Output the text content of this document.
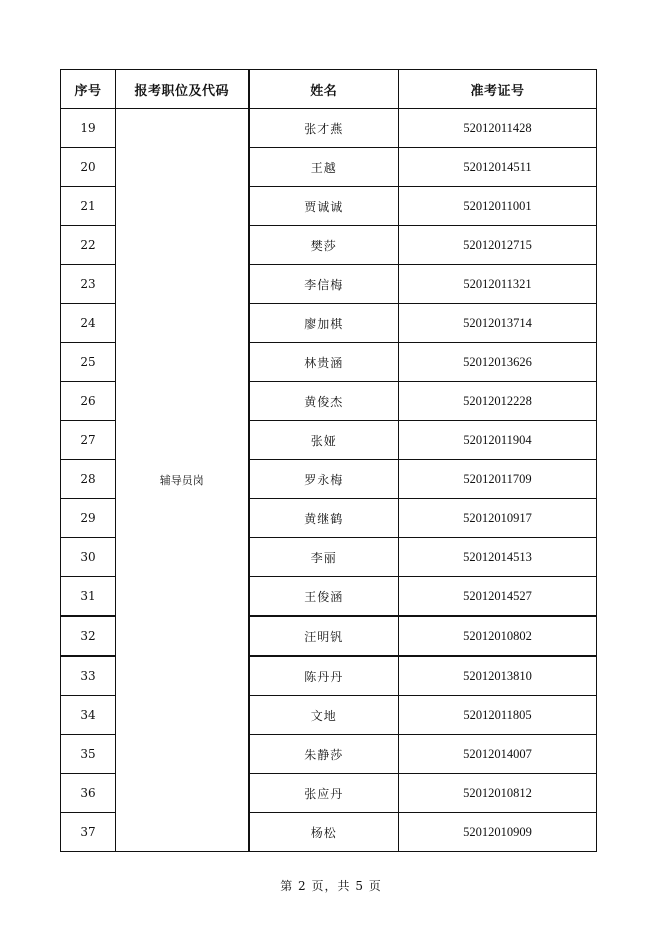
序号	报考职位及代码	姓名	准考证号
19	辅导员岗	张才燕	52012011428
20		王越	52012014511
21		贾诚诚	52012011001
22		樊莎	52012012715
23		李信梅	52012011321
24		廖加棋	52012013714
25		林贵涵	52012013626
26		黄俊杰	52012012228
27		张娅	52012011904
28		罗永梅	52012011709
29		黄继鹤	52012010917
30		李丽	52012014513
31		王俊涵	52012014527
32		汪明钒	52012010802
33		陈丹丹	52012013810
34		文地	52012011805
35		朱静莎	52012014007
36		张应丹	52012010812
37		杨松	52012010909
第 2 页，共 5 页
